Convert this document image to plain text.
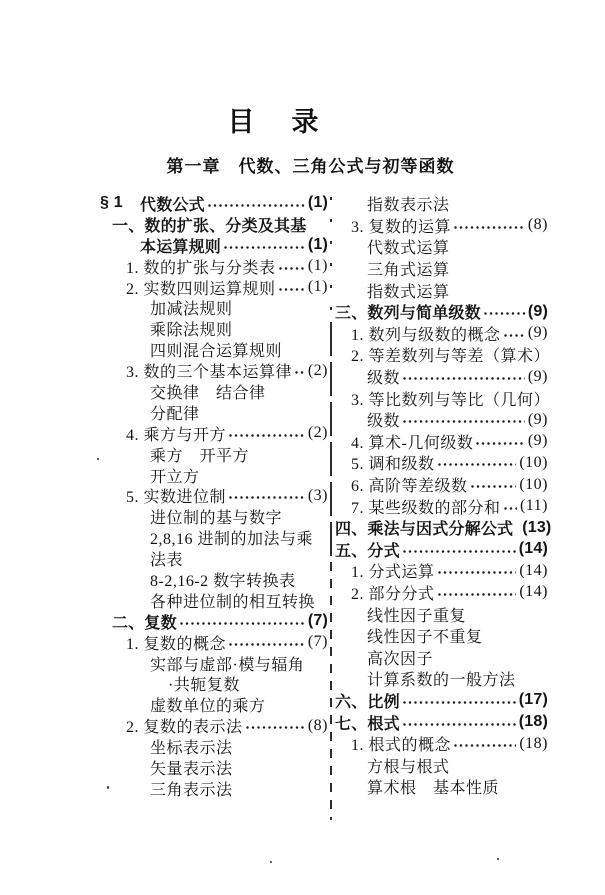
目　录
第一章　代数、三角公式与初等函数
§ 1	代数公式	(1)
一、数的扩张、分类及其基
本运算规则	(1)
1. 数的扩张与分类表 (1)
2. 实数四则运算规则 (1)
加减法规则
乘除法规则
四则混合运算规则
3. 数的三个基本运算律 (2)
交换律　结合律
分配律
4. 乘方与开方	(2)
乘方　开平方
开立方
5. 实数进位制	(3)
进位制的基与数字
2,8,16 进制的加法与乘
法表
8-2,16-2 数字转换表
各种进位制的相互转换
二、复数	(7)
1. 复数的概念	(7)
实部与虚部·模与辐角
·共轭复数
虚数单位的乘方
2. 复数的表示法	(8)
坐标表示法
矢量表示法
三角表示法
指数表示法
3. 复数的运算	(8)
代数式运算
三角式运算
指数式运算
三、数列与简单级数	(9)
1. 数列与级数的概念 (9)
2. 等差数列与等差（算术）
级数	(9)
3. 等比数列与等比（几何）
级数	(9)
4. 算术-几何级数	(9)
5. 调和级数	(10)
6. 高阶等差级数	(10)
7. 某些级数的部分和 (11)
四、乘法与因式分解公式 (13)
五、分式	(14)
1. 分式运算	(14)
2. 部分分式	(14)
线性因子重复
线性因子不重复
高次因子
计算系数的一般方法
六、比例	(17)
七、根式	(18)
1. 根式的概念	(18)
方根与根式
算术根　基本性质
